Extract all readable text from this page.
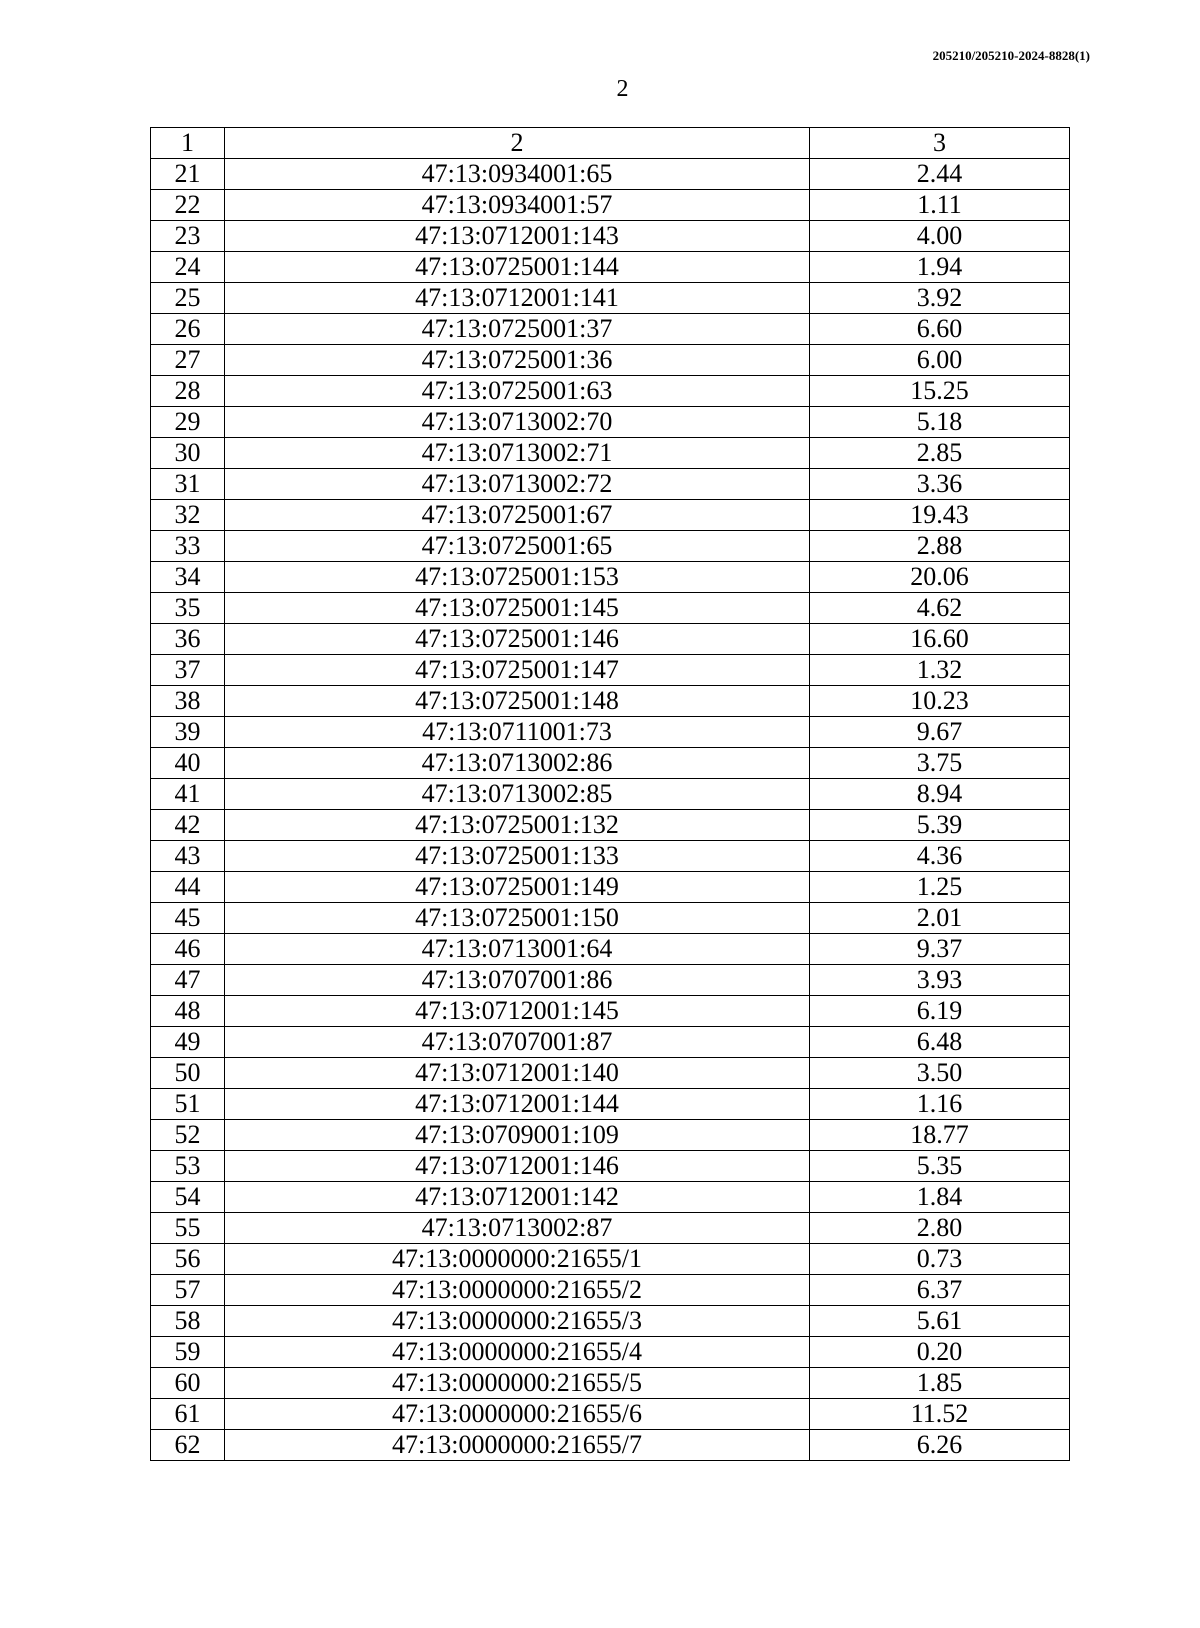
205210/205210-2024-8828(1)
2
1	2	3
21	47:13:0934001:65	2.44
22	47:13:0934001:57	1.11
23	47:13:0712001:143	4.00
24	47:13:0725001:144	1.94
25	47:13:0712001:141	3.92
26	47:13:0725001:37	6.60
27	47:13:0725001:36	6.00
28	47:13:0725001:63	15.25
29	47:13:0713002:70	5.18
30	47:13:0713002:71	2.85
31	47:13:0713002:72	3.36
32	47:13:0725001:67	19.43
33	47:13:0725001:65	2.88
34	47:13:0725001:153	20.06
35	47:13:0725001:145	4.62
36	47:13:0725001:146	16.60
37	47:13:0725001:147	1.32
38	47:13:0725001:148	10.23
39	47:13:0711001:73	9.67
40	47:13:0713002:86	3.75
41	47:13:0713002:85	8.94
42	47:13:0725001:132	5.39
43	47:13:0725001:133	4.36
44	47:13:0725001:149	1.25
45	47:13:0725001:150	2.01
46	47:13:0713001:64	9.37
47	47:13:0707001:86	3.93
48	47:13:0712001:145	6.19
49	47:13:0707001:87	6.48
50	47:13:0712001:140	3.50
51	47:13:0712001:144	1.16
52	47:13:0709001:109	18.77
53	47:13:0712001:146	5.35
54	47:13:0712001:142	1.84
55	47:13:0713002:87	2.80
56	47:13:0000000:21655/1	0.73
57	47:13:0000000:21655/2	6.37
58	47:13:0000000:21655/3	5.61
59	47:13:0000000:21655/4	0.20
60	47:13:0000000:21655/5	1.85
61	47:13:0000000:21655/6	11.52
62	47:13:0000000:21655/7	6.26
